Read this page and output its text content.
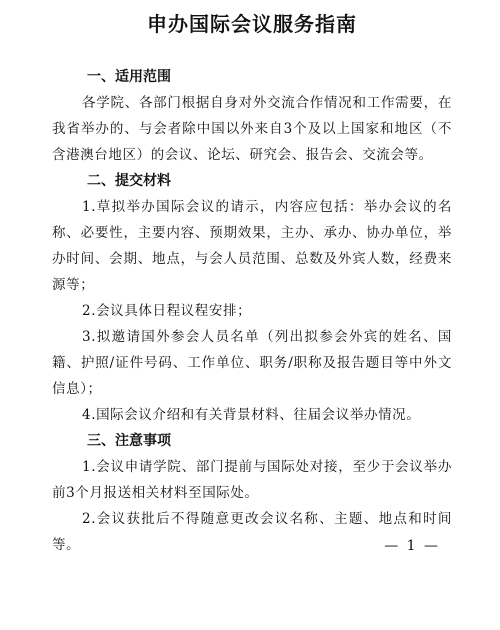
申办国际会议服务指南

一、适用范围

各学院、各部门根据自身对外交流合作情况和工作需要，在我省举办的、与会者除中国以外来自3个及以上国家和地区（不含港澳台地区）的会议、论坛、研究会、报告会、交流会等。

二、提交材料

1.草拟举办国际会议的请示，内容应包括：举办会议的名称、必要性，主要内容、预期效果，主办、承办、协办单位，举办时间、会期、地点，与会人员范围、总数及外宾人数，经费来源等；

2.会议具体日程议程安排；

3.拟邀请国外参会人员名单（列出拟参会外宾的姓名、国籍、护照/证件号码、工作单位、职务/职称及报告题目等中外文信息）；

4.国际会议介绍和有关背景材料、往届会议举办情况。

三、注意事项

1.会议申请学院、部门提前与国际处对接，至少于会议举办前3个月报送相关材料至国际处。

2.会议获批后不得随意更改会议名称、主题、地点和时间等。	— 1 —
